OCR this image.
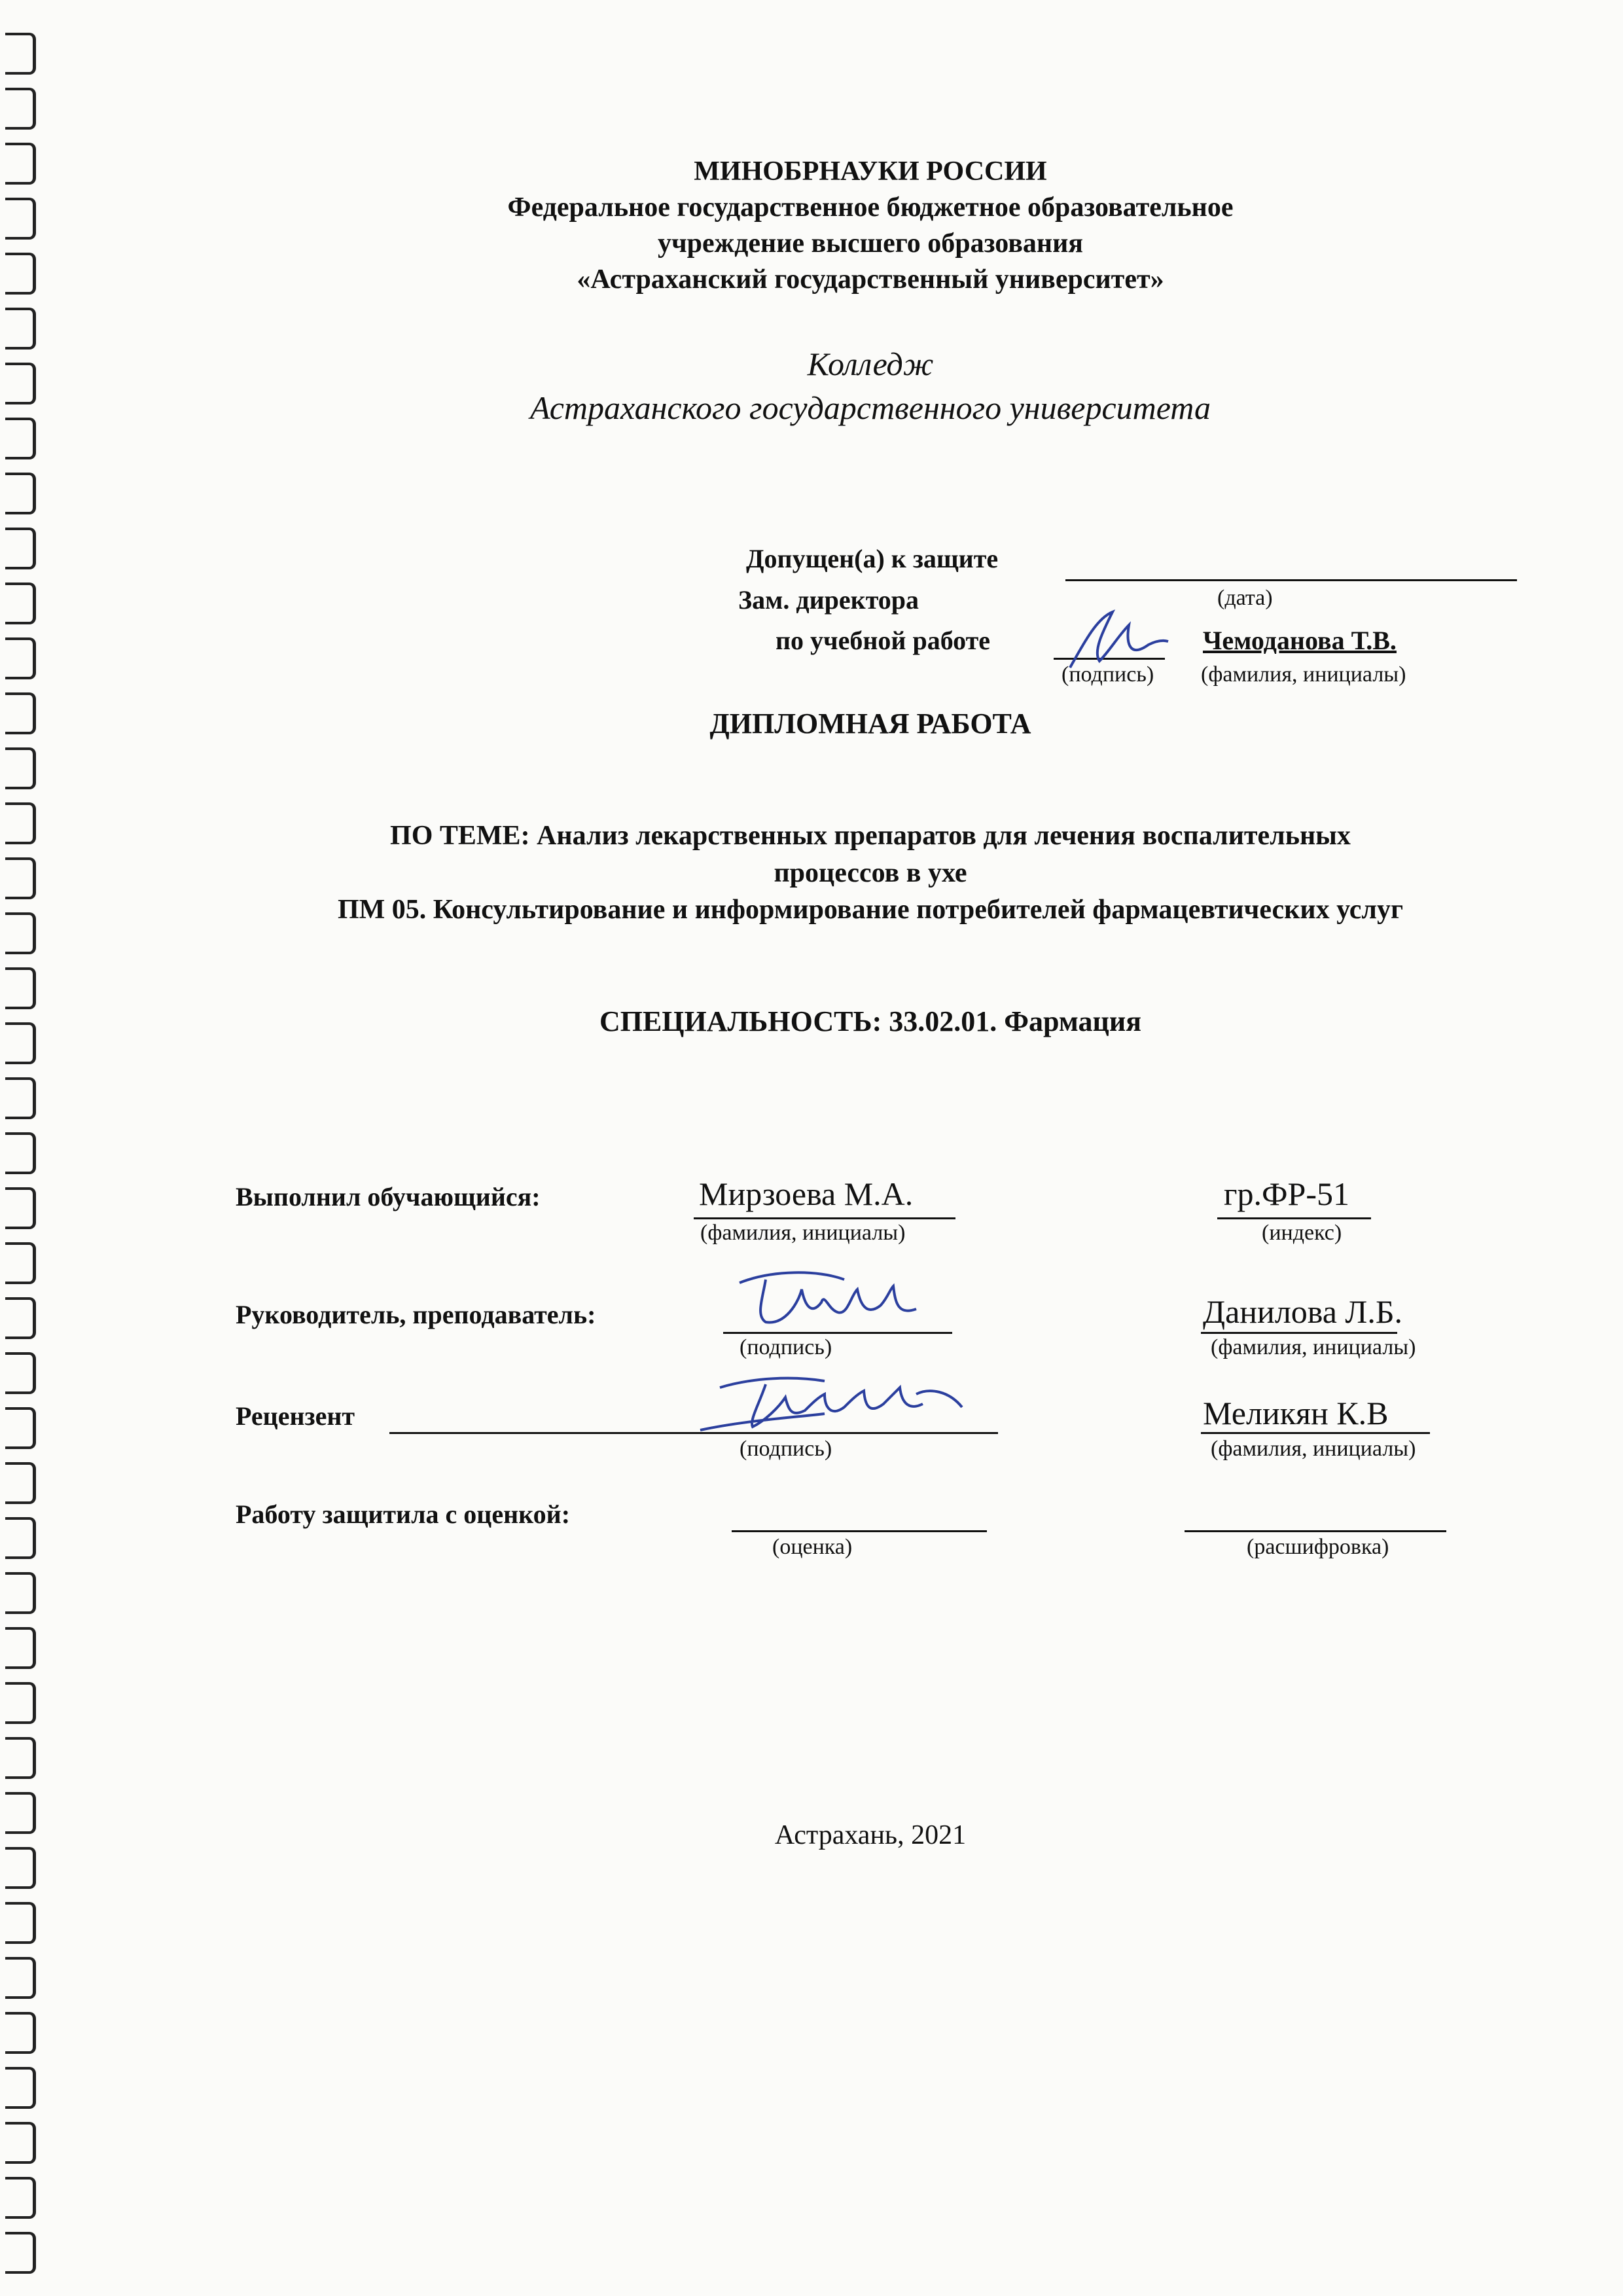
МИНОБРНАУКИ РОССИИ
Федеральное государственное бюджетное образовательное
учреждение высшего образования
«Астраханский государственный университет»
Колледж
Астраханского государственного университета
Допущен(а) к защите
(дата)
Зам. директора
по учебной работе
(подпись)
Чемоданова Т.В.
(фамилия, инициалы)
ДИПЛОМНАЯ РАБОТА
ПО ТЕМЕ: Анализ лекарственных препаратов для лечения воспалительных
процессов в ухе
ПМ 05. Консультирование и информирование потребителей фармацевтических услуг
СПЕЦИАЛЬНОСТЬ: 33.02.01. Фармация
Выполнил обучающийся:	Мирзоева М.А.
(фамилия, инициалы)
гр.ФР-51
(индекс)
Руководитель, преподаватель:
(подпись)
Данилова Л.Б.
(фамилия, инициалы)
Рецензент
(подпись)
Меликян К.В
(фамилия, инициалы)
Работу защитила с оценкой:
(оценка)	(расшифровка)
Астрахань, 2021
